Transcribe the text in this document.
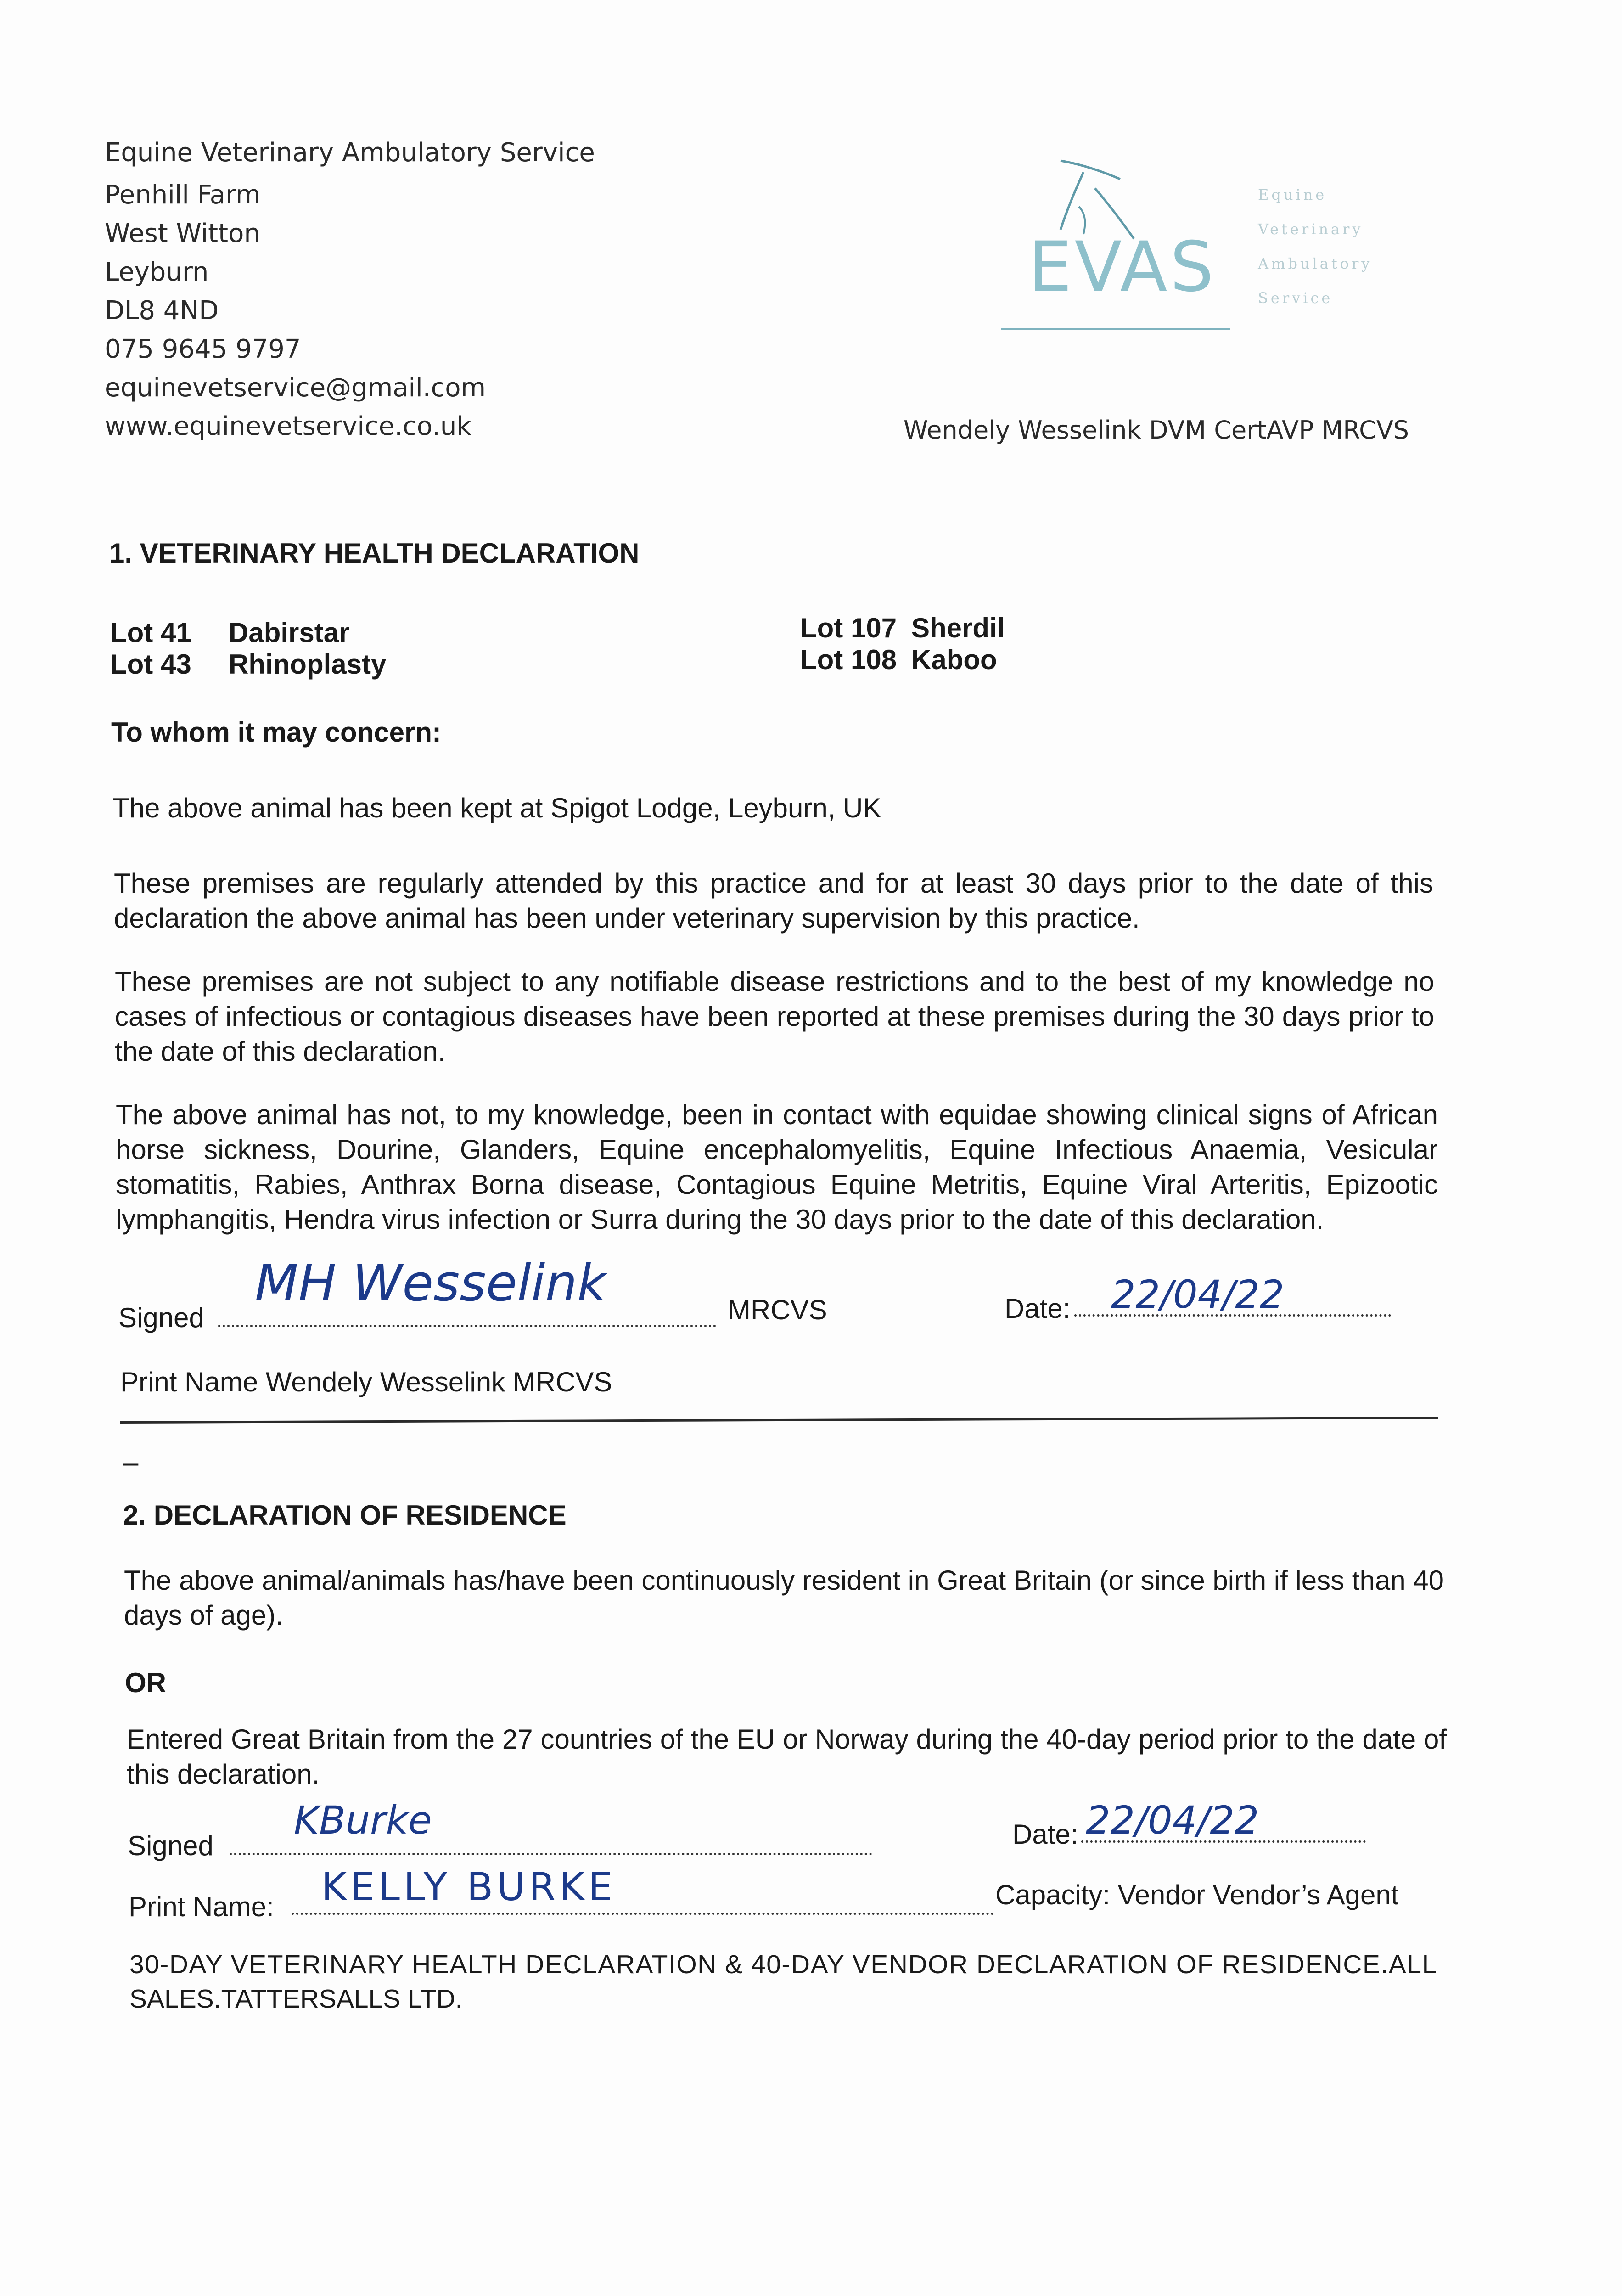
Equine Veterinary Ambulatory Service
Penhill Farm
West Witton
Leyburn
DL8 4ND
075 9645 9797
equinevetservice@gmail.com
www.equinevetservice.co.uk
EVAS
Equine
Veterinary
Ambulatory
Service
Wendely Wesselink DVM CertAVP MRCVS
1. VETERINARY HEALTH DECLARATION
Lot 41 Dabirstar
Lot 43 Rhinoplasty
Lot 107 Sherdil
Lot 108 Kaboo
To whom it may concern:
The above animal has been kept at Spigot Lodge, Leyburn, UK
These premises are regularly attended by this practice and for at least 30 days prior to the date of this declaration the above animal has been under veterinary supervision by this practice.
These premises are not subject to any notifiable disease restrictions and to the best of my knowledge no cases of infectious or contagious diseases have been reported at these premises during the 30 days prior to the date of this declaration.
The above animal has not, to my knowledge, been in contact with equidae showing clinical signs of African horse sickness, Dourine, Glanders, Equine encephalomyelitis, Equine Infectious Anaemia, Vesicular stomatitis, Rabies, Anthrax Borna disease, Contagious Equine Metritis, Equine Viral Arteritis, Epizootic lymphangitis, Hendra virus infection or Surra during the 30 days prior to the date of this declaration.
Signed
MH Wesselink	MRCVS	Date: 22/04/22
Print Name Wendely Wesselink MRCVS
–
2. DECLARATION OF RESIDENCE
The above animal/animals has/have been continuously resident in Great Britain (or since birth if less than 40 days of age).
OR
Entered Great Britain from the 27 countries of the EU or Norway during the 40-day period prior to the date of this declaration.
Signed
KBurke	Date: 22/04/22
Print Name: KELLY BURKE	Capacity: Vendor Vendor’s Agent
30-DAY VETERINARY HEALTH DECLARATION & 40-DAY VENDOR DECLARATION OF RESIDENCE.ALL
SALES.TATTERSALLS LTD.
